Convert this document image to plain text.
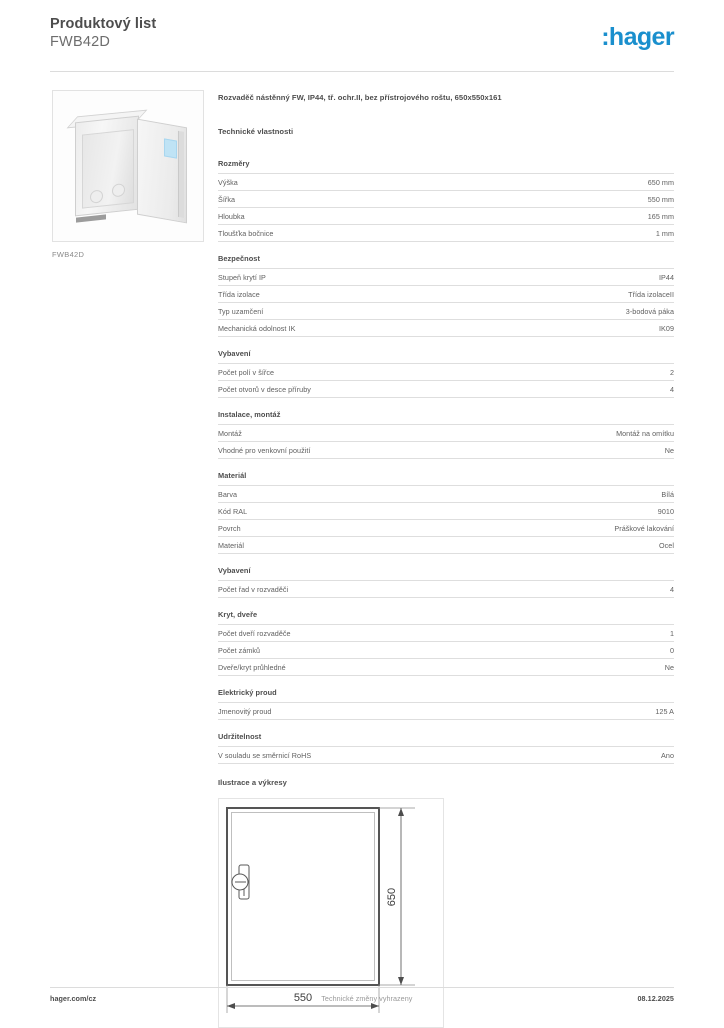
Produktový list
FWB42D	:hager
FWB42D
Rozvaděč nástěnný FW, IP44, tř. ochr.II, bez přístrojového roštu, 650x550x161
Technické vlastnosti
Rozměry
Výška	650 mm
Šířka	550 mm
Hloubka	165 mm
Tloušťka bočnice	1 mm
Bezpečnost
Stupeň krytí IP	IP44
Třída izolace	Třída izolaceII
Typ uzamčení	3-bodová páka
Mechanická odolnost IK	IK09
Vybavení
Počet polí v šířce	2
Počet otvorů v desce příruby	4
Instalace, montáž
Montáž	Montáž na omítku
Vhodné pro venkovní použití	Ne
Materiál
Barva	Bílá
Kód RAL	9010
Povrch	Práškové lakování
Materiál	Ocel
Vybavení
Počet řad v rozvaděči	4
Kryt, dveře
Počet dveří rozvaděče	1
Počet zámků	0
Dveře/kryt průhledné	Ne
Elektrický proud
Jmenovitý proud	125 A
Udržitelnost
V souladu se směrnicí RoHS	Ano
Ilustrace a výkresy
650
550
hager.com/cz	Technické změny vyhrazeny	08.12.2025
